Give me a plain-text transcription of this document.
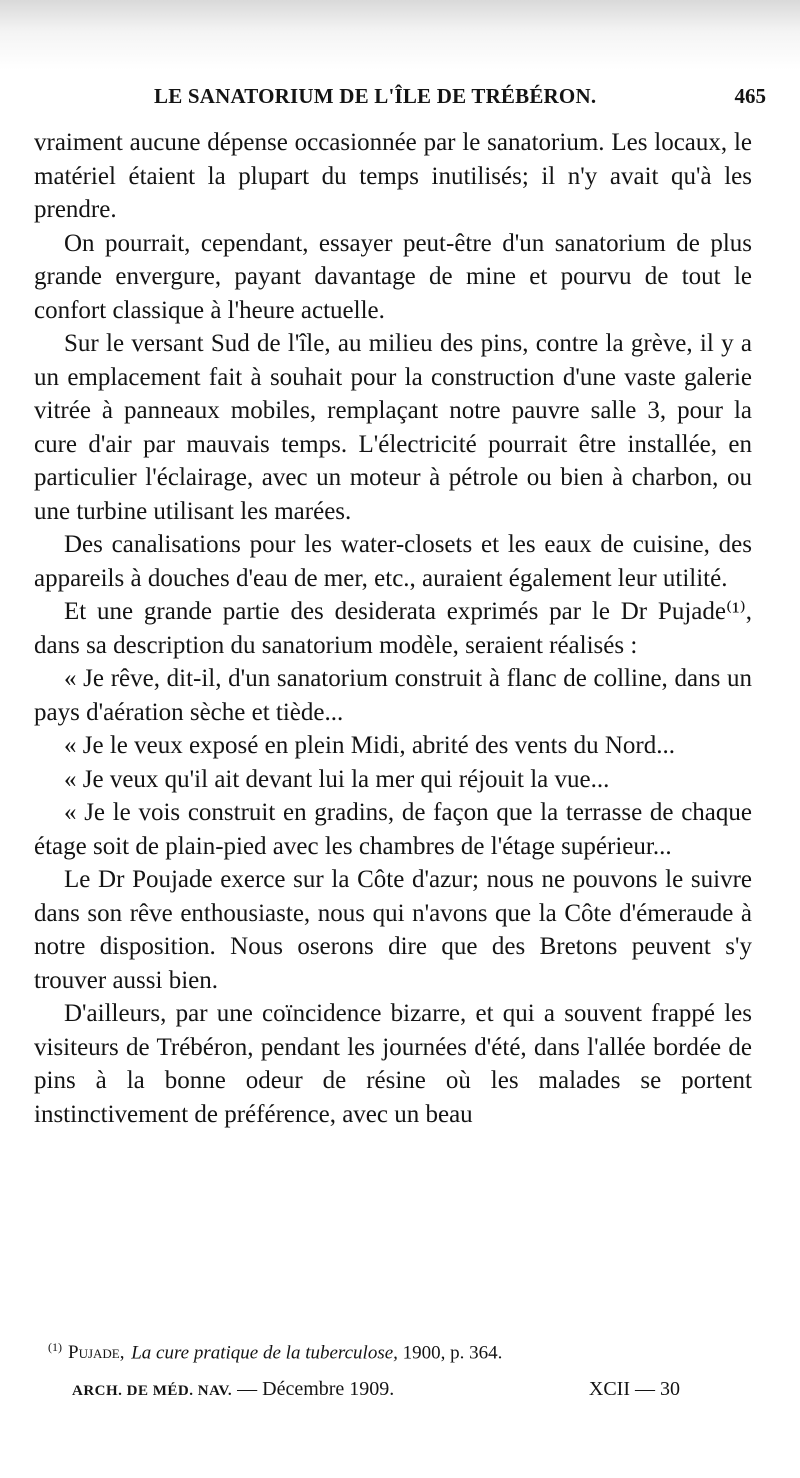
LE SANATORIUM DE L'ÎLE DE TRÉBÉRON.	465

vraiment aucune dépense occasionnée par le sanatorium. Les locaux, le matériel étaient la plupart du temps inutilisés; il n'y avait qu'à les prendre.

On pourrait, cependant, essayer peut-être d'un sanatorium de plus grande envergure, payant davantage de mine et pourvu de tout le confort classique à l'heure actuelle.

Sur le versant Sud de l'île, au milieu des pins, contre la grève, il y a un emplacement fait à souhait pour la construction d'une vaste galerie vitrée à panneaux mobiles, remplaçant notre pauvre salle 3, pour la cure d'air par mauvais temps. L'électricité pourrait être installée, en particulier l'éclairage, avec un moteur à pétrole ou bien à charbon, ou une turbine utilisant les marées.

Des canalisations pour les water-closets et les eaux de cuisine, des appareils à douches d'eau de mer, etc., auraient également leur utilité.

Et une grande partie des desiderata exprimés par le Dr Pujade⁽¹⁾, dans sa description du sanatorium modèle, seraient réalisés :

« Je rêve, dit-il, d'un sanatorium construit à flanc de colline, dans un pays d'aération sèche et tiède...

« Je le veux exposé en plein Midi, abrité des vents du Nord...

« Je veux qu'il ait devant lui la mer qui réjouit la vue...

« Je le vois construit en gradins, de façon que la terrasse de chaque étage soit de plain-pied avec les chambres de l'étage supérieur...

Le Dr Poujade exerce sur la Côte d'azur; nous ne pouvons le suivre dans son rêve enthousiaste, nous qui n'avons que la Côte d'émeraude à notre disposition. Nous oserons dire que des Bretons peuvent s'y trouver aussi bien.

D'ailleurs, par une coïncidence bizarre, et qui a souvent frappé les visiteurs de Trébéron, pendant les journées d'été, dans l'allée bordée de pins à la bonne odeur de résine où les malades se portent instinctivement de préférence, avec un beau

$^{(1)}$ Pujade, La cure pratique de la tuberculose, 1900, p. 364.
ARCH. DE MÉD. NAV. — Décembre 1909.	XCII — 30
